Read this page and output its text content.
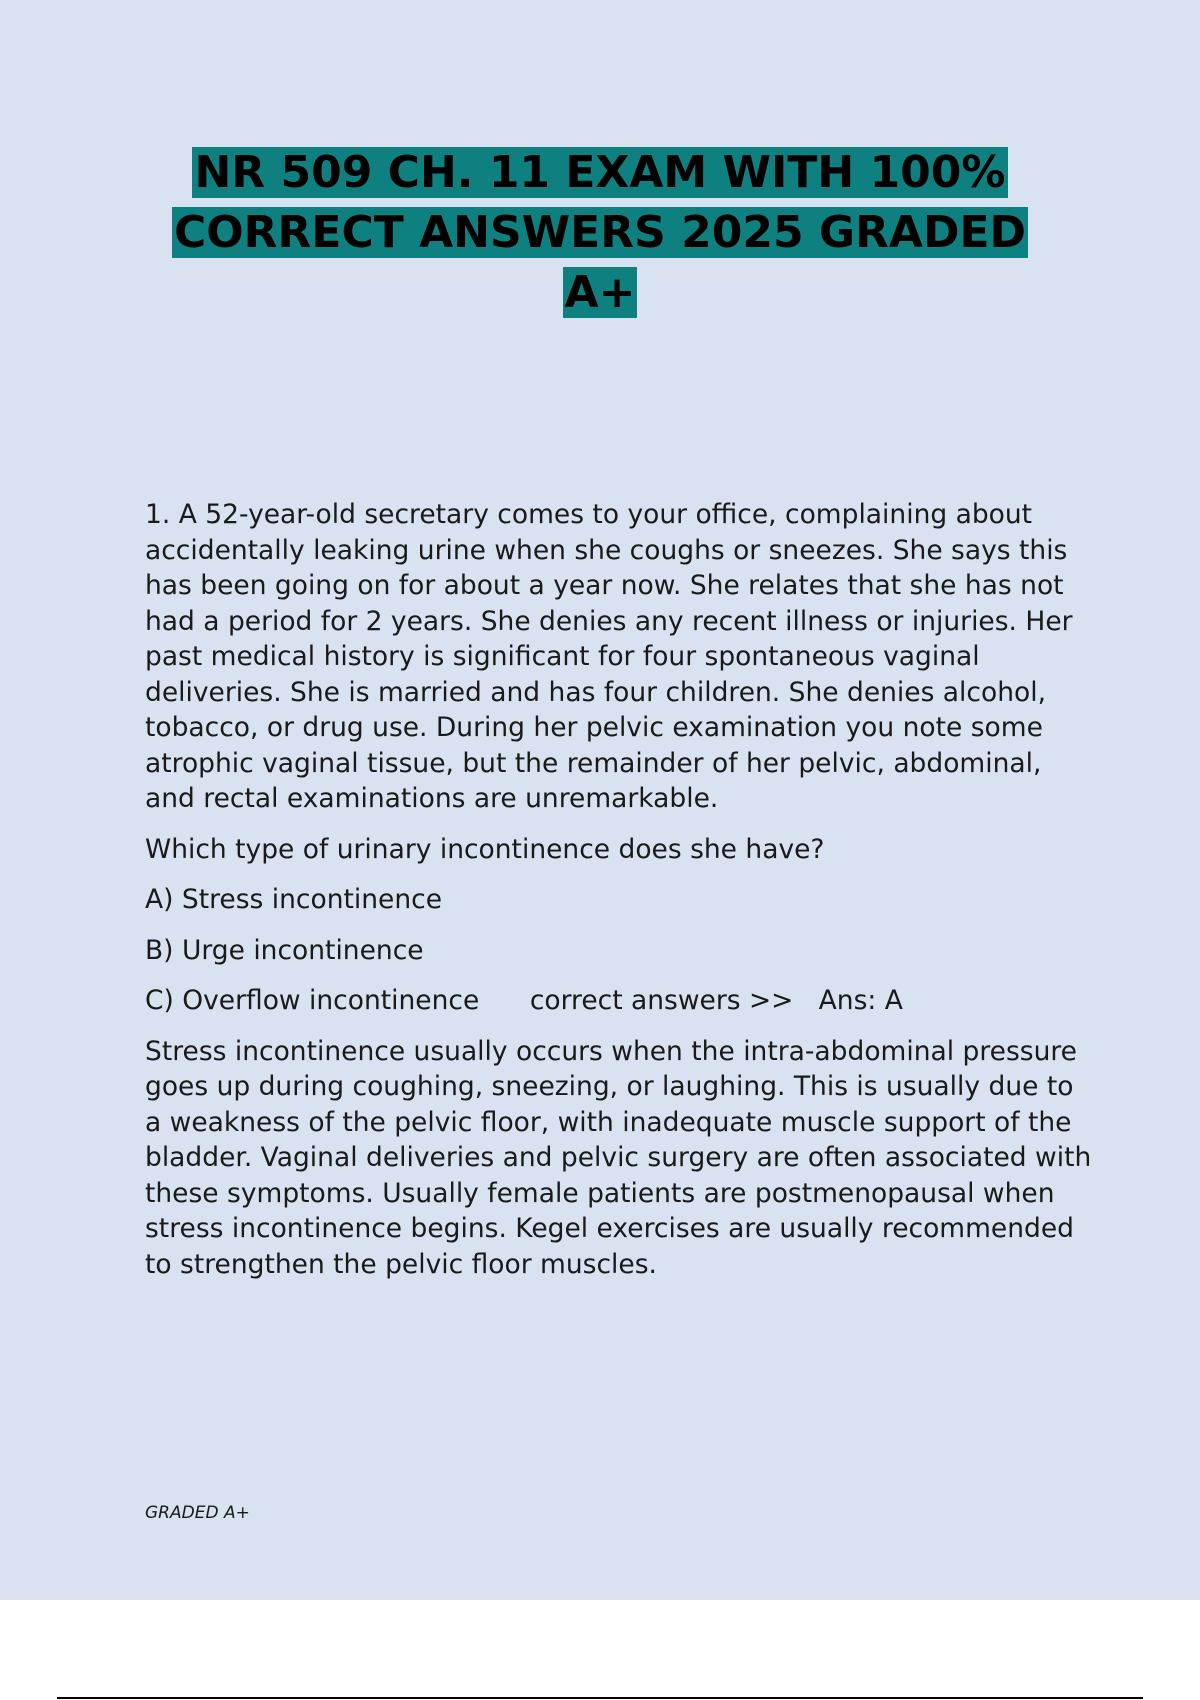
NR 509 CH. 11 EXAM WITH 100% CORRECT ANSWERS 2025 GRADED A+

1. A 52-year-old secretary comes to your office, complaining about accidentally leaking urine when she coughs or sneezes. She says this has been going on for about a year now. She relates that she has not had a period for 2 years. She denies any recent illness or injuries. Her past medical history is significant for four spontaneous vaginal deliveries. She is married and has four children. She denies alcohol, tobacco, or drug use. During her pelvic examination you note some atrophic vaginal tissue, but the remainder of her pelvic, abdominal, and rectal examinations are unremarkable.

Which type of urinary incontinence does she have?

A) Stress incontinence

B) Urge incontinence

C) Overflow incontinence correct answers >> Ans: A

Stress incontinence usually occurs when the intra-abdominal pressure goes up during coughing, sneezing, or laughing. This is usually due to a weakness of the pelvic floor, with inadequate muscle support of the bladder. Vaginal deliveries and pelvic surgery are often associated with these symptoms. Usually female patients are postmenopausal when stress incontinence begins. Kegel exercises are usually recommended to strengthen the pelvic floor muscles.

GRADED A+
